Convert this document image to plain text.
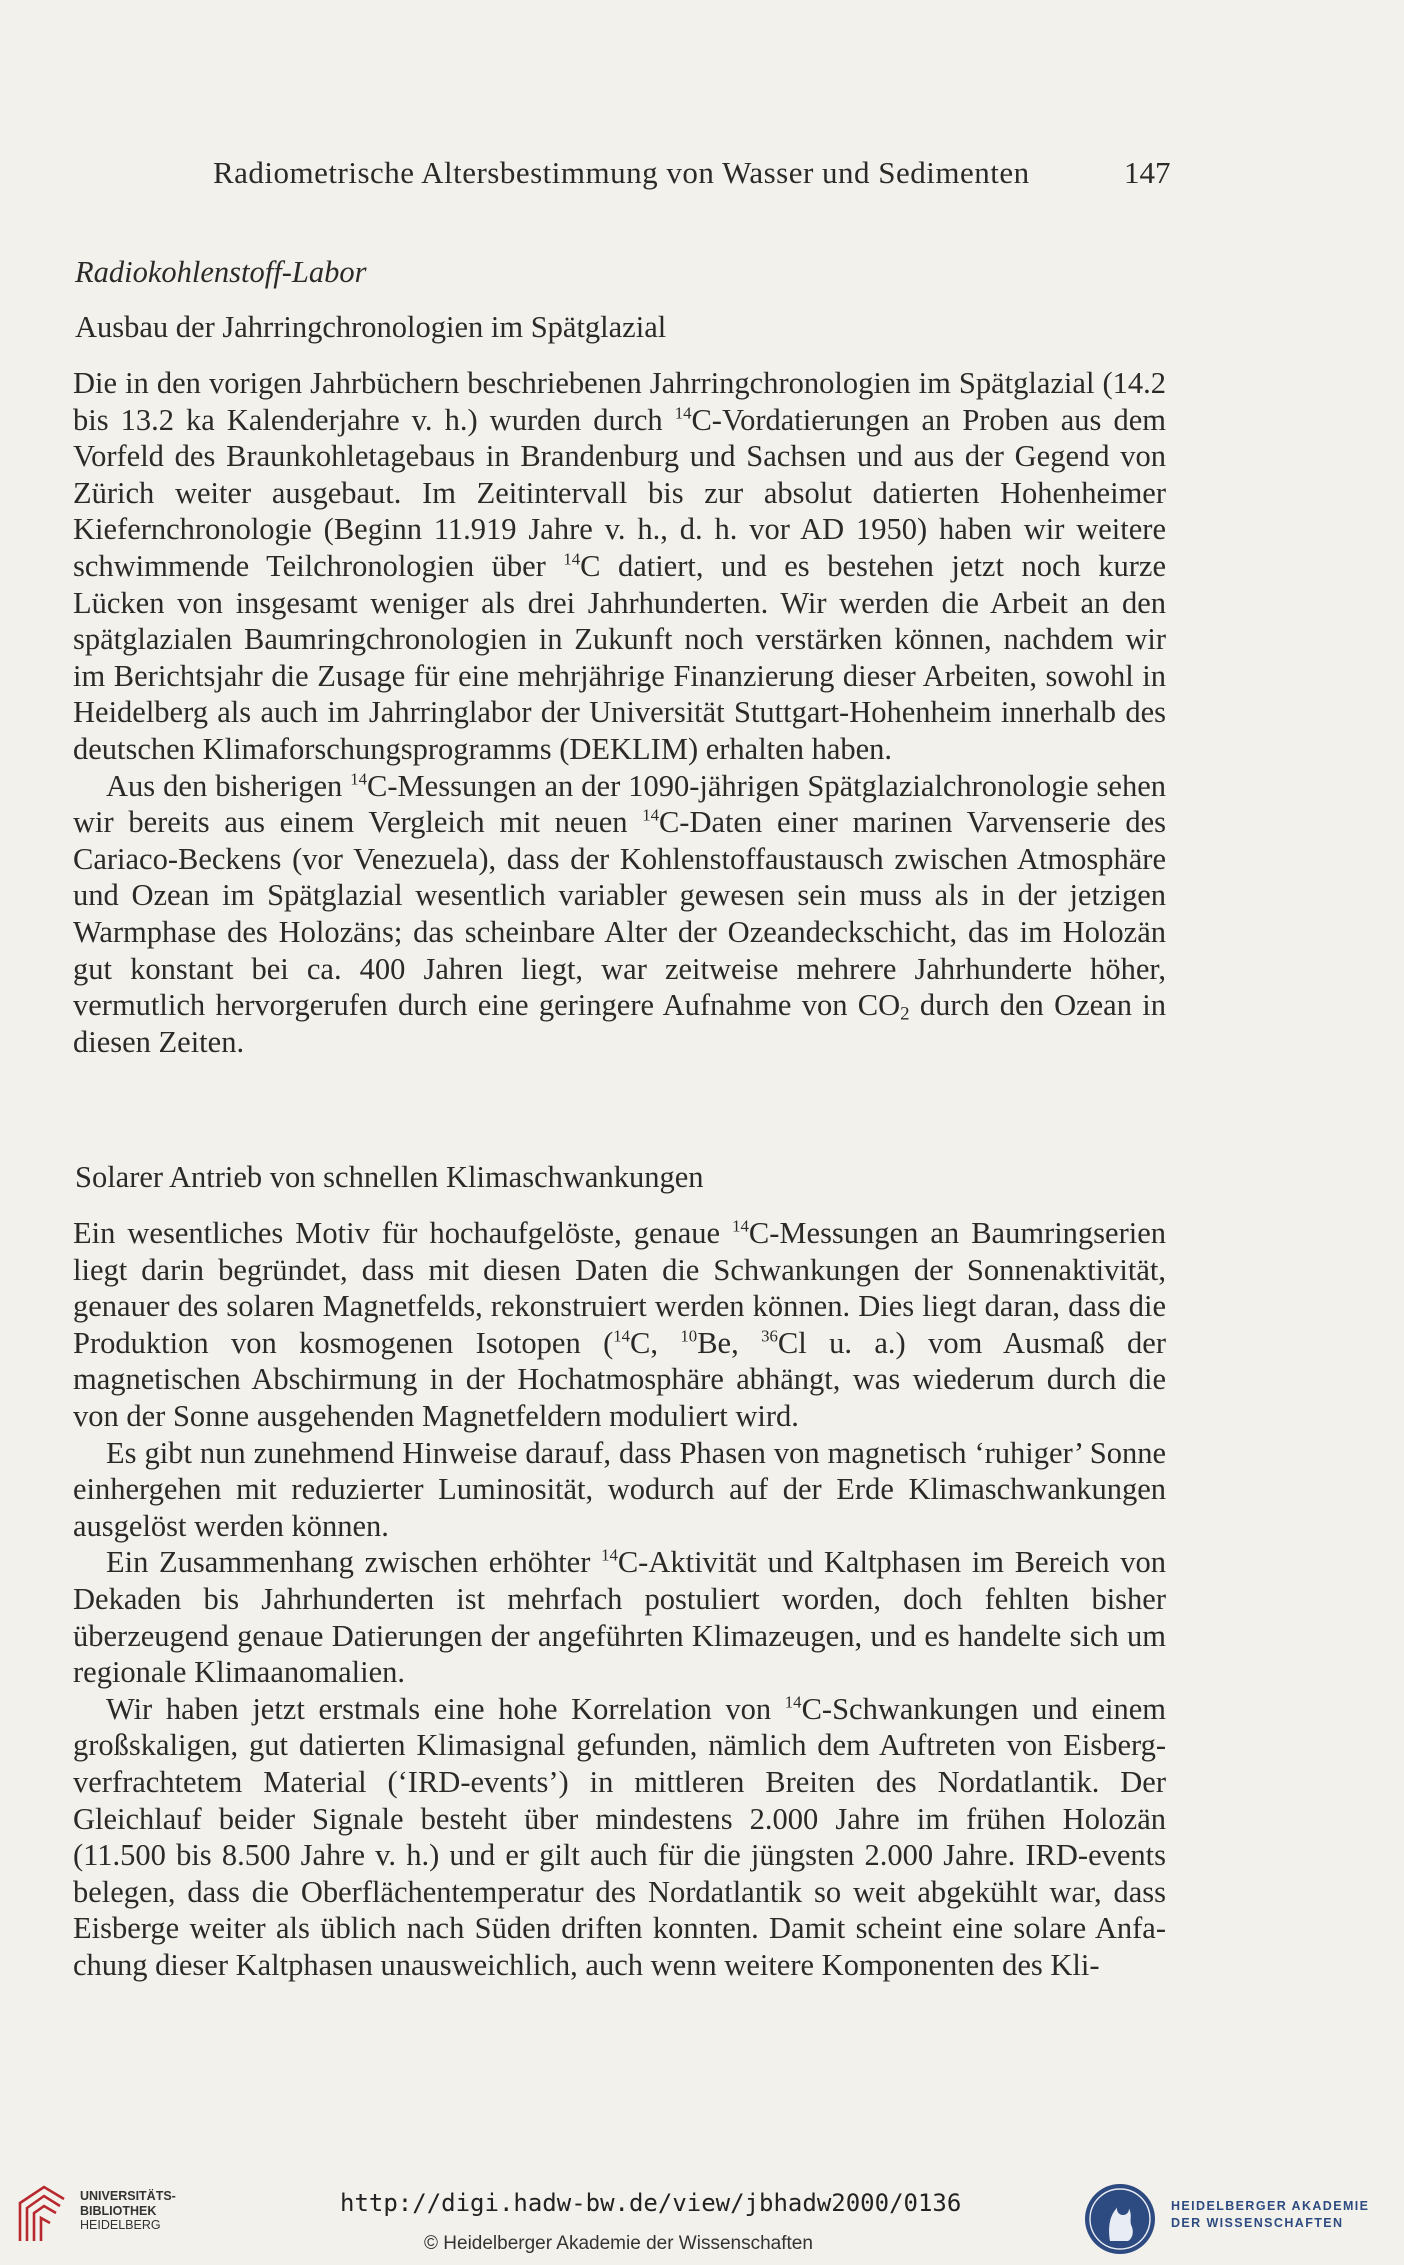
Radiometrische Altersbestimmung von Wasser und Sedimenten	147
Radiokohlenstoff-Labor
Ausbau der Jahrringchronologien im Spätglazial

Die in den vorigen Jahrbüchern beschriebenen Jahrringchronologien im Spätglazial (14.2 bis 13.2 ka Kalenderjahre v. h.) wurden durch $^{14}$C-Vordatierungen an Proben aus dem Vorfeld des Braunkohletagebaus in Brandenburg und Sachsen und aus der Gegend von Zürich weiter ausgebaut. Im Zeitintervall bis zur absolut datierten Hohenheimer Kiefernchronologie (Beginn 11.919 Jahre v. h., d. h. vor AD 1950) haben wir weitere schwimmende Teilchronologien über $^{14}$C datiert, und es bestehen jetzt noch kurze Lücken von insgesamt weniger als drei Jahrhunderten. Wir werden die Arbeit an den spätglazialen Baumringchronologien in Zukunft noch verstärken können, nachdem wir im Berichtsjahr die Zusage für eine mehrjährige Finanzierung dieser Arbeiten, sowohl in Heidelberg als auch im Jahrringlabor der Universität Stuttgart-Hohenheim innerhalb des deutschen Klimaforschungsprogramms (DEKLIM) erhalten haben.

Aus den bisherigen $^{14}$C-Messungen an der 1090-jährigen Spätglazialchronologie sehen wir bereits aus einem Vergleich mit neuen $^{14}$C-Daten einer marinen Varvenserie des Cariaco-Beckens (vor Venezuela), dass der Kohlenstoffaustausch zwischen Atmosphäre und Ozean im Spätglazial wesentlich variabler gewesen sein muss als in der jetzigen Warmphase des Holozäns; das scheinbare Alter der Ozeandeckschicht, das im Holozän gut konstant bei ca. 400 Jahren liegt, war zeitweise mehrere Jahrhunderte höher, vermutlich hervorgerufen durch eine geringere Aufnahme von $CO_2$ durch den Ozean in diesen Zeiten.

Solarer Antrieb von schnellen Klimaschwankungen

Ein wesentliches Motiv für hochaufgelöste, genaue $^{14}$C-Messungen an Baumringserien liegt darin begründet, dass mit diesen Daten die Schwankungen der Sonnenaktivität, genauer des solaren Magnetfelds, rekonstruiert werden können. Dies liegt daran, dass die Produktion von kosmogenen Isotopen ($^{14}$C, $^{10}$Be, $^{36}$Cl u. a.) vom Ausmaß der magnetischen Abschirmung in der Hochatmosphäre abhängt, was wiederum durch die von der Sonne ausgehenden Magnetfeldern moduliert wird.

Es gibt nun zunehmend Hinweise darauf, dass Phasen von magnetisch ‘ruhiger’ Sonne einhergehen mit reduzierter Luminosität, wodurch auf der Erde Klimaschwankungen ausgelöst werden können.

Ein Zusammenhang zwischen erhöhter $^{14}$C-Aktivität und Kaltphasen im Bereich von Dekaden bis Jahrhunderten ist mehrfach postuliert worden, doch fehlten bisher überzeugend genaue Datierungen der angeführten Klimazeugen, und es handelte sich um regionale Klimaanomalien.

Wir haben jetzt erstmals eine hohe Korrelation von $^{14}$C-Schwankungen und einem großskaligen, gut datierten Klimasignal gefunden, nämlich dem Auftreten von Eisberg-verfrachtetem Material (‘IRD-events’) in mittleren Breiten des Nordatlantik. Der Gleichlauf beider Signale besteht über mindestens 2.000 Jahre im frühen Holozän (11.500 bis 8.500 Jahre v. h.) und er gilt auch für die jüngsten 2.000 Jahre. IRD-events belegen, dass die Oberflächentemperatur des Nordatlantik so weit abgekühlt war, dass Eisberge weiter als üblich nach Süden driften konnten. Damit scheint eine solare Anfachung dieser Kaltphasen unausweichlich, auch wenn weitere Komponenten des Kli-

UNIVERSITÄTS-
BIBLIOTHEK
HEIDELBERG
http://digi.hadw-bw.de/view/jbhadw2000/0136
© Heidelberger Akademie der Wissenschaften
HEIDELBERGER AKADEMIE
DER WISSENSCHAFTEN
